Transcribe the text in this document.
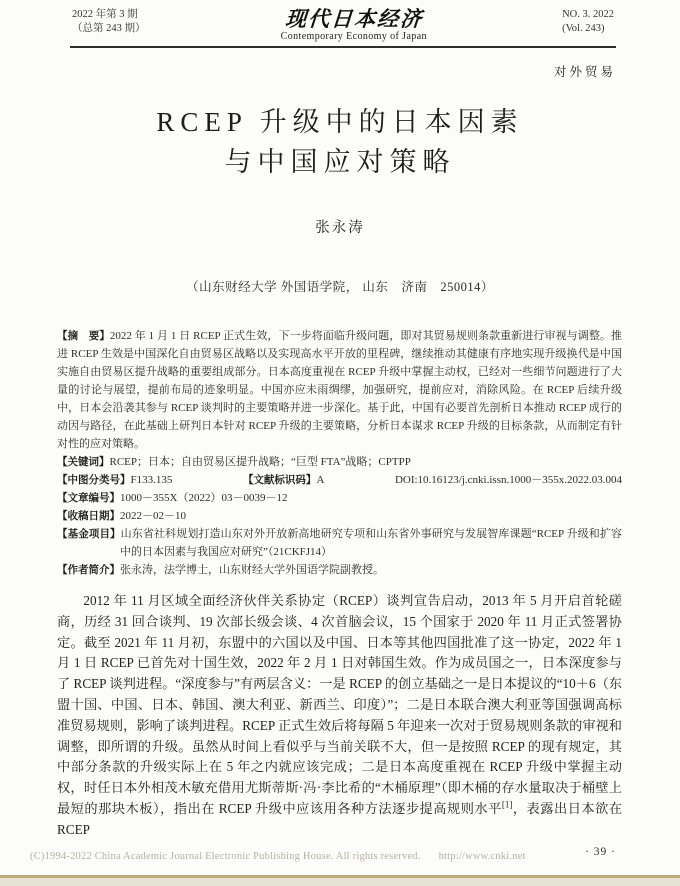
2022 年第 3 期
（总第 243 期）	现代日本经济
Contemporary Economy of Japan
NO. 3. 2022
(Vol. 243)
对外贸易
RCEP 升级中的日本因素
与中国应对策略
张永涛
（山东财经大学 外国语学院， 山东　济南　250014）

【摘　要】2022 年 1 月 1 日 RCEP 正式生效，下一步将面临升级问题，即对其贸易规则条款重新进行审视与调整。推进 RCEP 生效是中国深化自由贸易区战略以及实现高水平开放的里程碑，继续推动其健康有序地实现升级换代是中国实施自由贸易区提升战略的重要组成部分。日本高度重视在 RCEP 升级中掌握主动权，已经对一些细节问题进行了大量的讨论与展望，提前布局的迹象明显。中国亦应未雨绸缪，加强研究，提前应对，消除风险。在 RCEP 后续升级中，日本会沿袭其参与 RCEP 谈判时的主要策略并进一步深化。基于此，中国有必要首先剖析日本推动 RCEP 成行的动因与路径，在此基础上研判日本针对 RCEP 升级的主要策略，分析日本谋求 RCEP 升级的目标条款，从而制定有针对性的应对策略。

【关键词】RCEP；日本；自由贸易区提升战略；“巨型 FTA”战略；CPTPP

【中图分类号】F133.135	【文献标识码】A	DOI:10.16123/j.cnki.issn.1000－355x.2022.03.004

【文章编号】1000－355X（2022）03－0039－12

【收稿日期】2022－02－10

【基金项目】山东省社科规划打造山东对外开放新高地研究专项和山东省外事研究与发展智库课题“RCEP 升级和扩容中的日本因素与我国应对研究”（21CKFJ14）

【作者简介】张永涛，法学博士，山东财经大学外国语学院副教授。

2012 年 11 月区域全面经济伙伴关系协定（RCEP）谈判宣告启动，2013 年 5 月开启首轮磋商，历经 31 回合谈判、19 次部长级会谈、4 次首脑会议，15 个国家于 2020 年 11 月正式签署协定。截至 2021 年 11 月初，东盟中的六国以及中国、日本等其他四国批准了这一协定，2022 年 1 月 1 日 RCEP 已首先对十国生效，2022 年 2 月 1 日对韩国生效。作为成员国之一，日本深度参与了 RCEP 谈判进程。“深度参与”有两层含义：一是 RCEP 的创立基础之一是日本提议的“10＋6（东盟十国、中国、日本、韩国、澳大利亚、新西兰、印度）”；二是日本联合澳大利亚等国强调高标准贸易规则，影响了谈判进程。RCEP 正式生效后将每隔 5 年迎来一次对于贸易规则条款的审视和调整，即所谓的升级。虽然从时间上看似乎与当前关联不大，但一是按照 RCEP 的现有规定，其中部分条款的升级实际上在 5 年之内就应该完成；二是日本高度重视在 RCEP 升级中掌握主动权，时任日本外相茂木敏充借用尤斯蒂斯·冯·李比希的“木桶原理”（即木桶的存水量取决于桶壁上最短的那块木板），指出在 RCEP 升级中应该用各种方法逐步提高规则水平[1]，表露出日本欲在 RCEP

· 39 ·
(C)1994-2022 China Academic Journal Electronic Publishing House. All rights reserved. http://www.cnki.net
